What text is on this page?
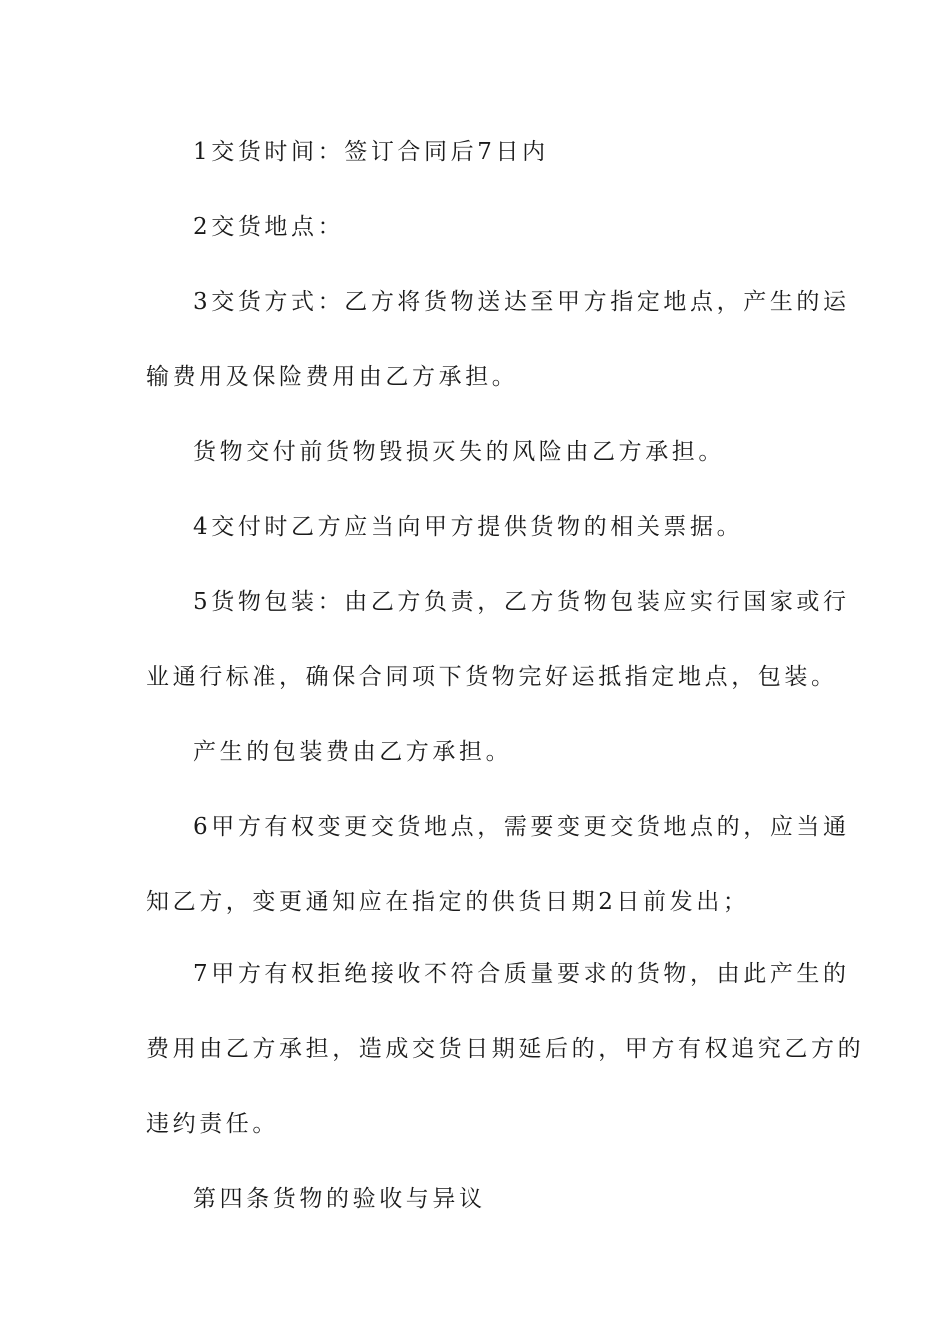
1交货时间：签订合同后7日内
2交货地点：
3交货方式：乙方将货物送达至甲方指定地点，产生的运
输费用及保险费用由乙方承担。
货物交付前货物毁损灭失的风险由乙方承担。
4交付时乙方应当向甲方提供货物的相关票据。
5货物包装：由乙方负责，乙方货物包装应实行国家或行
业通行标准，确保合同项下货物完好运抵指定地点，包装。
产生的包装费由乙方承担。
6甲方有权变更交货地点，需要变更交货地点的，应当通
知乙方，变更通知应在指定的供货日期2日前发出；
7甲方有权拒绝接收不符合质量要求的货物，由此产生的
费用由乙方承担，造成交货日期延后的，甲方有权追究乙方的
违约责任。
第四条货物的验收与异议
